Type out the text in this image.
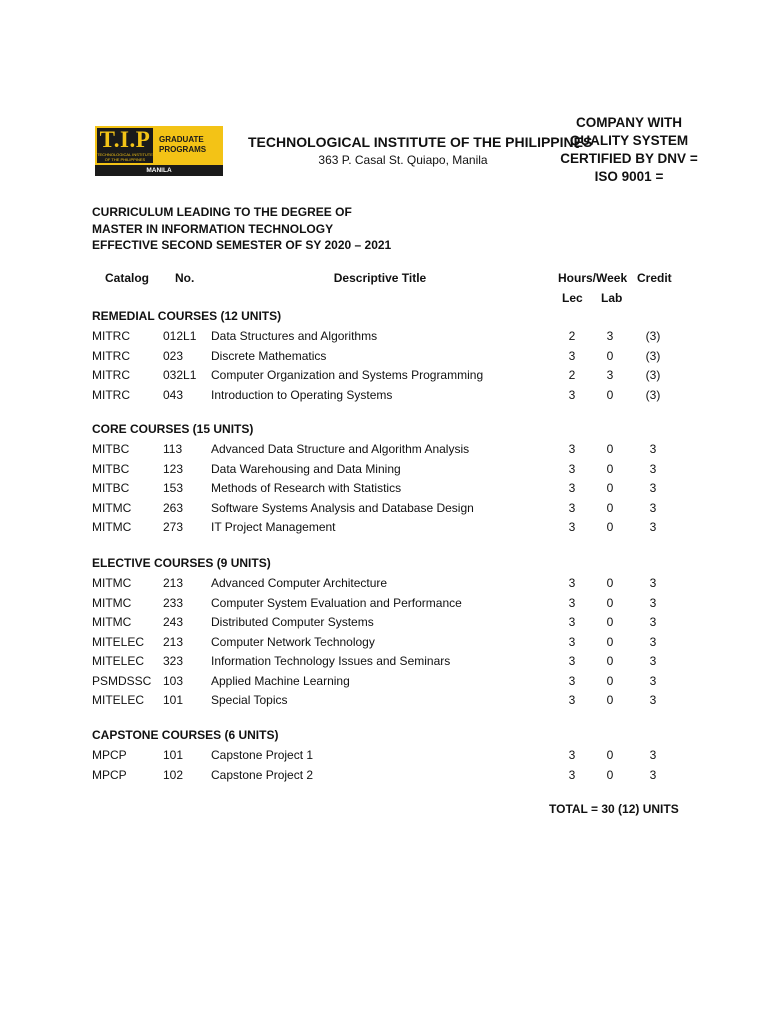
T.I.P
TECHNOLOGICAL INSTITUTE OF THE PHILIPPINES
GRADUATE
PROGRAMS
MANILA
TECHNOLOGICAL INSTITUTE OF THE PHILIPPINES
363 P. Casal St. Quiapo, Manila
COMPANY WITH
QUALITY SYSTEM
CERTIFIED BY DNV =
ISO 9001 =
CURRICULUM LEADING TO THE DEGREE OF
MASTER IN INFORMATION TECHNOLOGY
EFFECTIVE SECOND SEMESTER OF SY 2020 – 2021
Catalog No.	Descriptive Title	Hours/Week Credit
Lec Lab
REMEDIAL COURSES (12 UNITS)
MITRC	012L1 Data Structures and Algorithms	2	3	(3)
MITRC	023 Discrete Mathematics	3	0	(3)
MITRC	032L1 Computer Organization and Systems Programming	2	3	(3)
MITRC	043 Introduction to Operating Systems	3	0	(3)
CORE COURSES (15 UNITS)
MITBC	113 Advanced Data Structure and Algorithm Analysis	3	0	3
MITBC	123 Data Warehousing and Data Mining	3	0	3
MITBC	153 Methods of Research with Statistics	3	0	3
MITMC	263 Software Systems Analysis and Database Design	3	0	3
MITMC	273 IT Project Management	3	0	3
ELECTIVE COURSES (9 UNITS)
MITMC	213 Advanced Computer Architecture	3	0	3
MITMC	233 Computer System Evaluation and Performance	3	0	3
MITMC	243 Distributed Computer Systems	3	0	3
MITELEC 213 Computer Network Technology	3	0	3
MITELEC 323 Information Technology Issues and Seminars	3	0	3
PSMDSSC 103 Applied Machine Learning	3	0	3
MITELEC 101 Special Topics	3	0	3
CAPSTONE COURSES (6 UNITS)
MPCP	101 Capstone Project 1	3	0	3
MPCP	102 Capstone Project 2	3	0	3
TOTAL = 30 (12) UNITS
